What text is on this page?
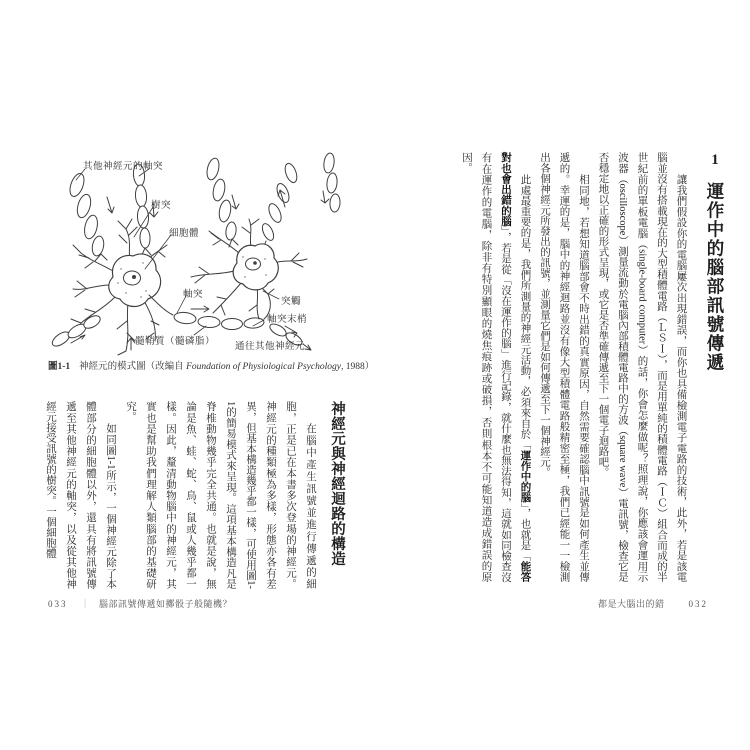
其他神經元的軸突
樹突
細胞體
軸突
髓鞘質（髓磷脂）
突觸
軸突末梢
通往其他神經元
圖1-1 神經元的模式圖（改編自 Foundation of Physiological Psychology, 1988）
神經元與神經迴路的構造

在腦中產生訊號並進行傳遞的細胞，正是已在本書多次登場的神經元。神經元的種類極為多樣，形態亦各有差異，但基本構造幾乎都一樣，可使用圖1-1的簡易模式來呈現。這項基本構造凡是脊椎動物幾乎完全共通。也就是說，無論是魚、蛙、蛇、鳥、鼠或人幾乎都一樣。因此，釐清動物腦中的神經元，其實也是幫助我們理解人類腦部的基礎研究。

如同圖1-1所示，一個神經元除了本體部分的細胞體以外，還具有將訊號傳遞至其他神經元的軸突，以及從其他神經元接受訊號的樹突。一個細胞體

033 ｜ 腦部訊號傳遞如擲骰子般隨機？
1運作中的腦部訊號傳遞

讓我們假設你的電腦屢次出現錯誤，而你也具備檢測電子電路的技術，此外，若是該電腦並沒有搭載現在的大型積體電路（ＬＳＩ），而是用單純的積體電路（ＩＣ）組合而成的半世紀前的單板電腦（single-board computer）的話，你會怎麼做呢？照理說，你應該會運用示波器（oscilloscope）測量流動於電腦內部積體電路中的方波（square wave）電訊號，檢查它是否穩定地以正確的形式呈現，或它是否準確傳遞至下一個電子迴路吧。

相同地，若想知道腦部會不時出錯的真實原因，自然需要確認腦中訊號是如何產生並傳遞的。幸運的是，腦中的神經迴路並沒有像大型積體電路般精密至極，我們已經能一一檢測出各個神經元所發出的訊號，並測量它們是如何傳遞至下一個神經元。

此處最重要的是，我們所測量的神經元活動，必須來自於「運作中的腦」，也就是「能答對也會出錯的腦」，若是從「沒在運作的腦」進行記錄，就什麼也無法得知，這就如同檢查沒有在運作的電腦，除非有特別顯眼的燒焦痕跡或破損，否則根本不可能知道造成錯誤的原因。

都是大腦出的錯	032
